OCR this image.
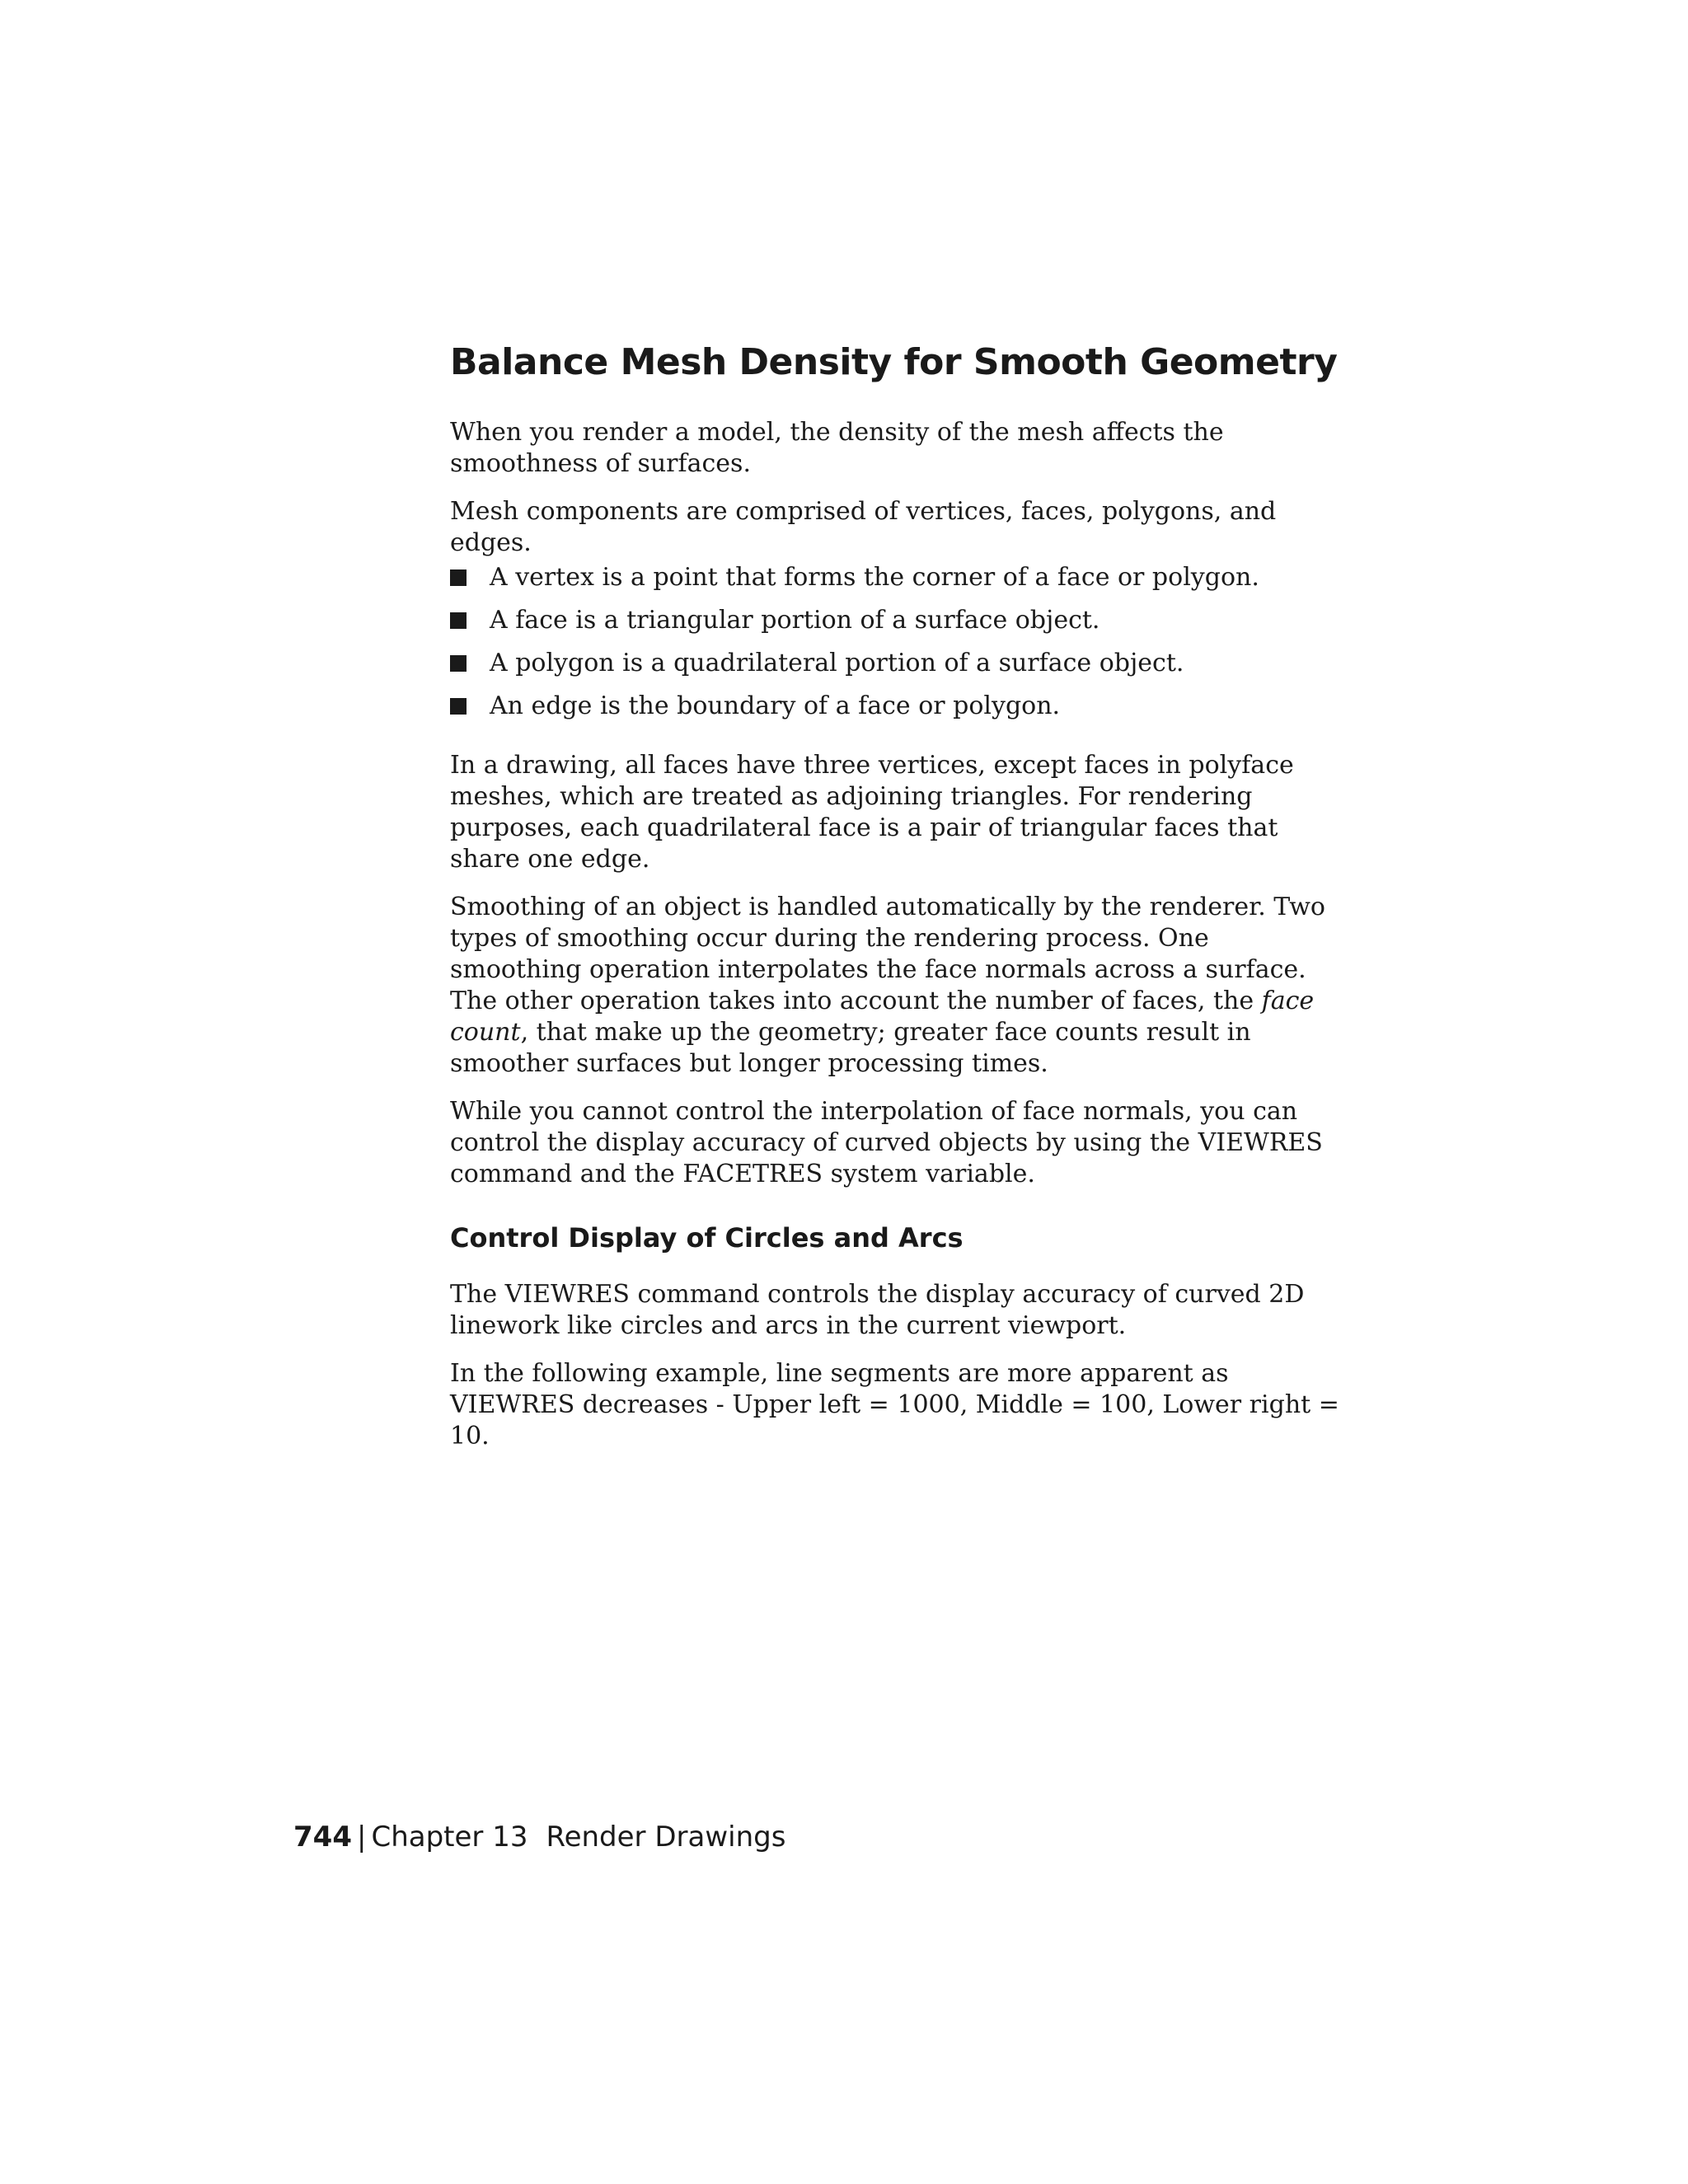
Balance Mesh Density for Smooth Geometry

When you render a model, the density of the mesh affects the smoothness of surfaces.

Mesh components are comprised of vertices, faces, polygons, and edges.

A vertex is a point that forms the corner of a face or polygon.
A face is a triangular portion of a surface object.
A polygon is a quadrilateral portion of a surface object.
An edge is the boundary of a face or polygon.

In a drawing, all faces have three vertices, except faces in polyface meshes, which are treated as adjoining triangles. For rendering purposes, each quadrilateral face is a pair of triangular faces that share one edge.

Smoothing of an object is handled automatically by the renderer. Two types of smoothing occur during the rendering process. One smoothing operation interpolates the face normals across a surface. The other operation takes into account the number of faces, the face count, that make up the geometry; greater face counts result in smoother surfaces but longer processing times.

While you cannot control the interpolation of face normals, you can control the display accuracy of curved objects by using the VIEWRES command and the FACETRES system variable.

Control Display of Circles and Arcs

The VIEWRES command controls the display accuracy of curved 2D linework like circles and arcs in the current viewport.

In the following example, line segments are more apparent as VIEWRES decreases - Upper left = 1000, Middle = 100, Lower right = 10.

744 | Chapter 13 Render Drawings
